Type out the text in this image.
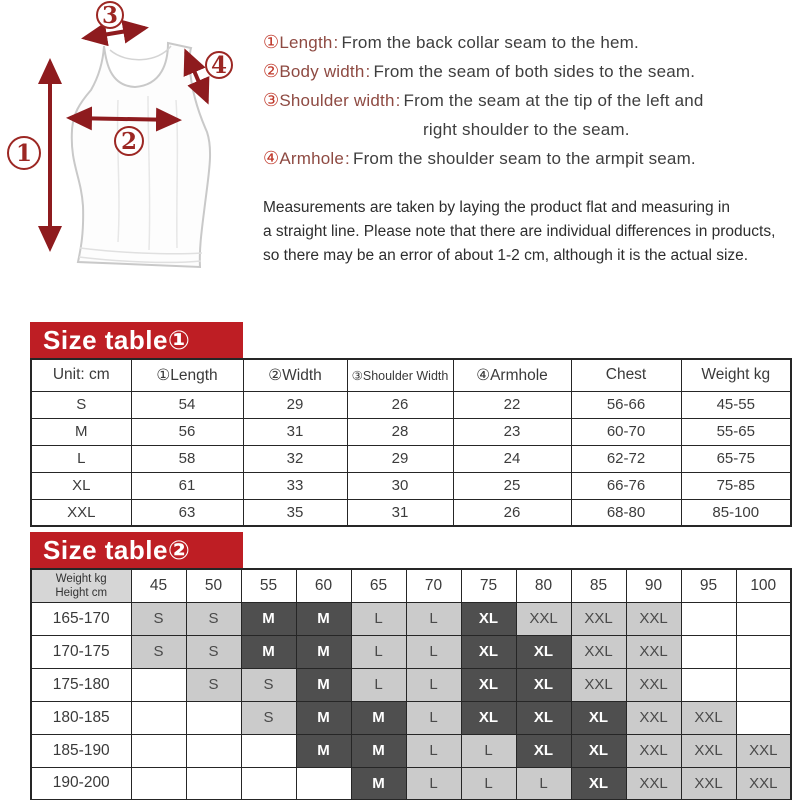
1	2
3
4
①Length: From the back collar seam to the hem.
②Body width: From the seam of both sides to the seam.
③Shoulder width: From the seam at the tip of the left and
right shoulder to the seam.
④Armhole: From the shoulder seam to the armpit seam.
Measurements are taken by laying the product flat and measuring in
a straight line. Please note that there are individual differences in products,
so there may be an error of about 1-2 cm, although it is the actual size.
Size table①
Unit: cm	①Length	②Width	③Shoulder Width	④Armhole	Chest	Weight kg
S	54	29	26	22	56-66	45-55
M	56	31	28	23	60-70	55-65
L	58	32	29	24	62-72	65-75
XL	61	33	30	25	66-76	75-85
XXL	63	35	31	26	68-80	85-100
Size table②
Weight kg
Height cm	45	50	55	60	65	70	75	80	85	90	95	100
165-170	S	S	M	M	L	L	XL	XXL	XXL	XXL		
170-175	S	S	M	M	L	L	XL	XL	XXL	XXL		
175-180		S	S	M	L	L	XL	XL	XXL	XXL		
180-185			S	M	M	L	XL	XL	XL	XXL	XXL	
185-190				M	M	L	L	XL	XL	XXL	XXL	XXL
190-200					M	L	L	L	XL	XXL	XXL	XXL
